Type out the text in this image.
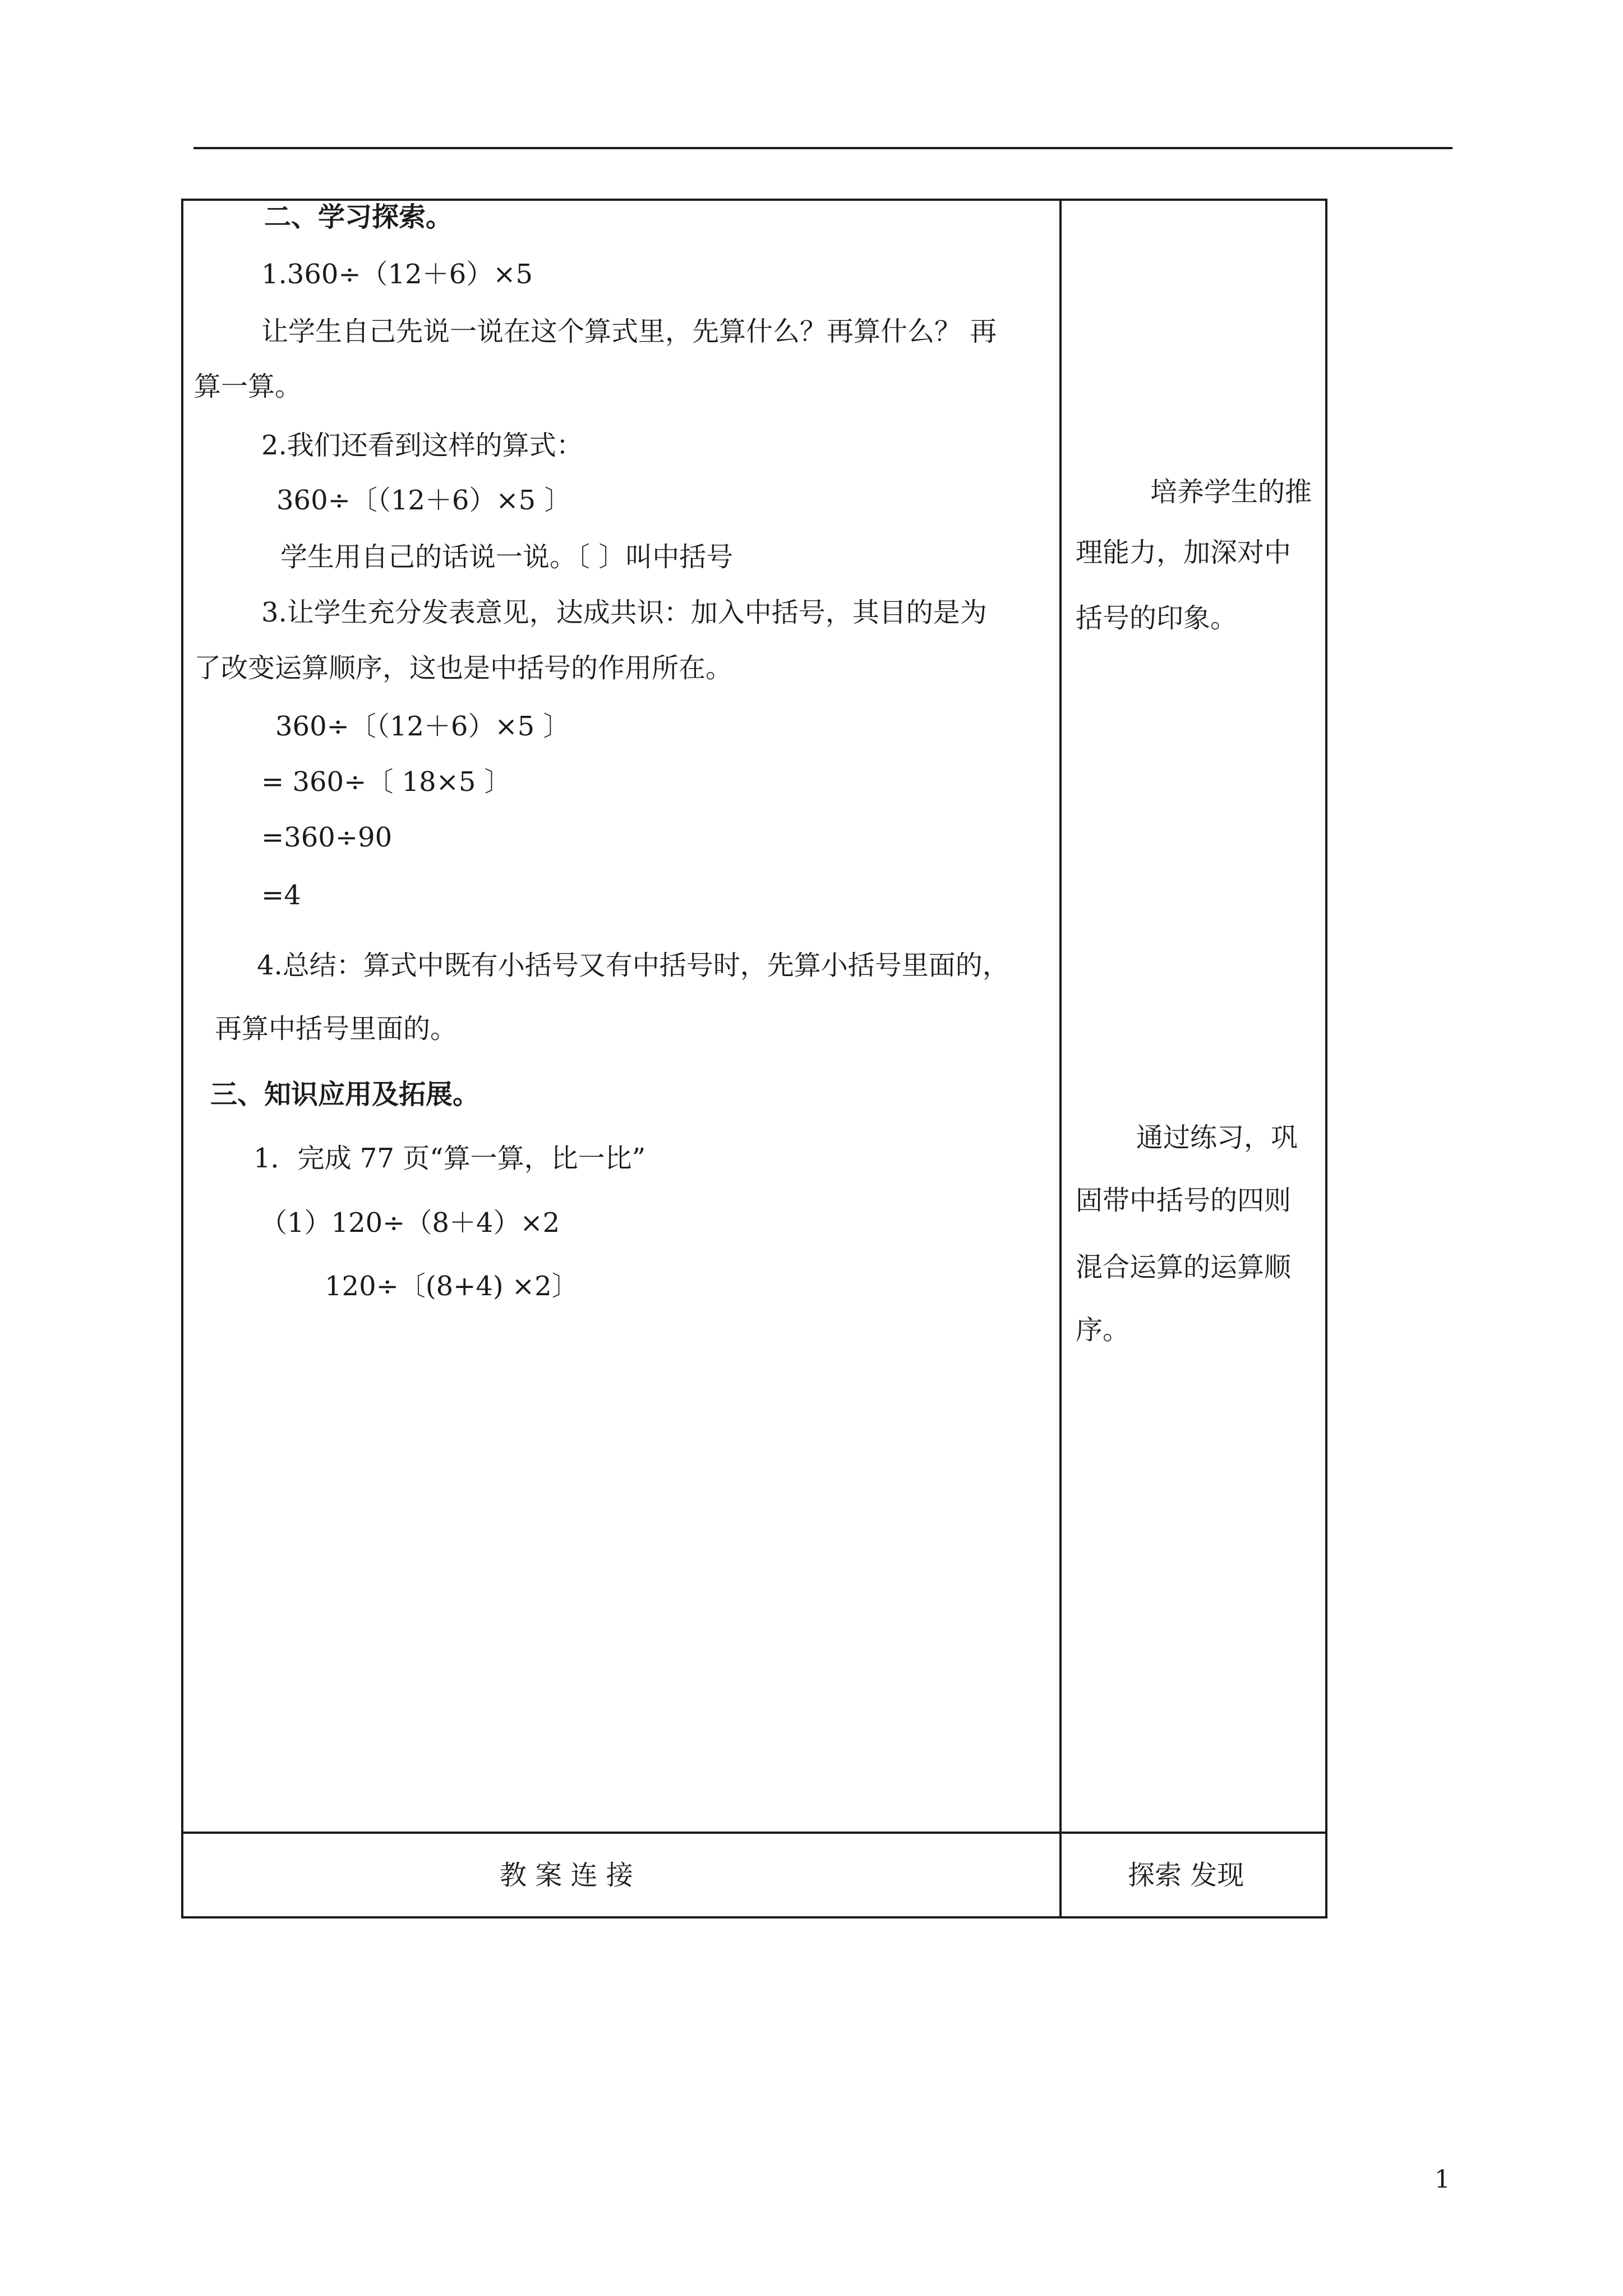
二、学习探索。
1.360÷（12＋6）×5
让学生自己先说一说在这个算式里，先算什么？再算什么？ 再
算一算。
2.我们还看到这样的算式：
360÷〔（12＋6）×5 〕
学生用自己的话说一说。〔 〕叫中括号
3.让学生充分发表意见，达成共识：加入中括号，其目的是为
了改变运算顺序，这也是中括号的作用所在。
360÷〔（12＋6）×5 〕
= 360÷〔 18×5 〕
=360÷90
=4
4.总结：算式中既有小括号又有中括号时，先算小括号里面的，
再算中括号里面的。
三、知识应用及拓展。
1．完成 77 页“算一算，比一比”
（1）120÷（8＋4）×2
120÷〔(8+4) ×2〕
培养学生的推
理能力，加深对中
括号的印象。
通过练习，巩
固带中括号的四则
混合运算的运算顺
序。
教 案 连 接	探索 发现
1
